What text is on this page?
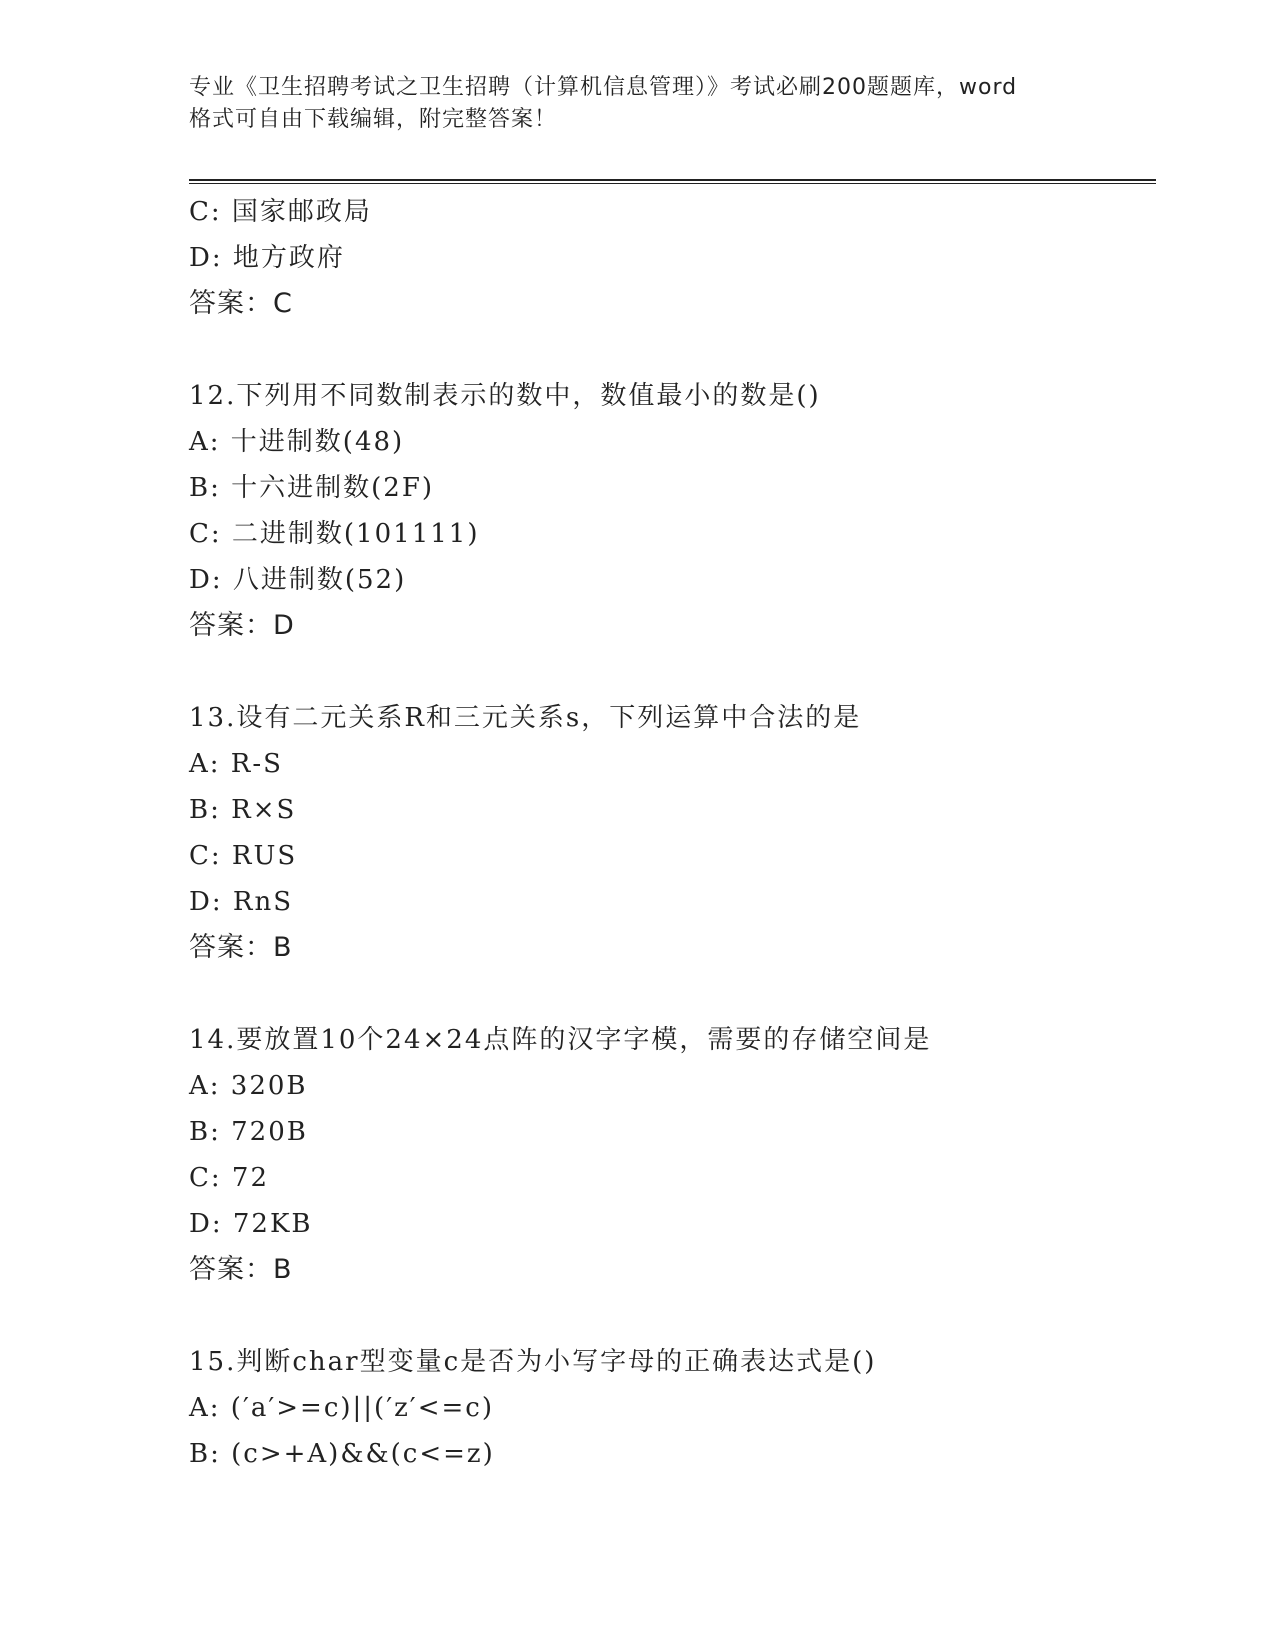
专业《卫生招聘考试之卫生招聘（计算机信息管理）》考试必刷200题题库，word
格式可自由下载编辑，附完整答案！
C: 国家邮政局
D: 地方政府
答案：C
12.下列用不同数制表示的数中，数值最小的数是()
A: 十进制数(48)
B: 十六进制数(2F)
C: 二进制数(101111)
D: 八进制数(52)
答案：D
13.设有二元关系R和三元关系s，下列运算中合法的是
A: R-S
B: R×S
C: RUS
D: RnS
答案：B
14.要放置10个24×24点阵的汉字字模，需要的存储空间是
A: 320B
B: 720B
C: 72
D: 72KB
答案：B
15.判断char型变量c是否为小写字母的正确表达式是()
A: (′a′>=c)||(′z′<=c)
B: (c>+A)&&(c<=z)
